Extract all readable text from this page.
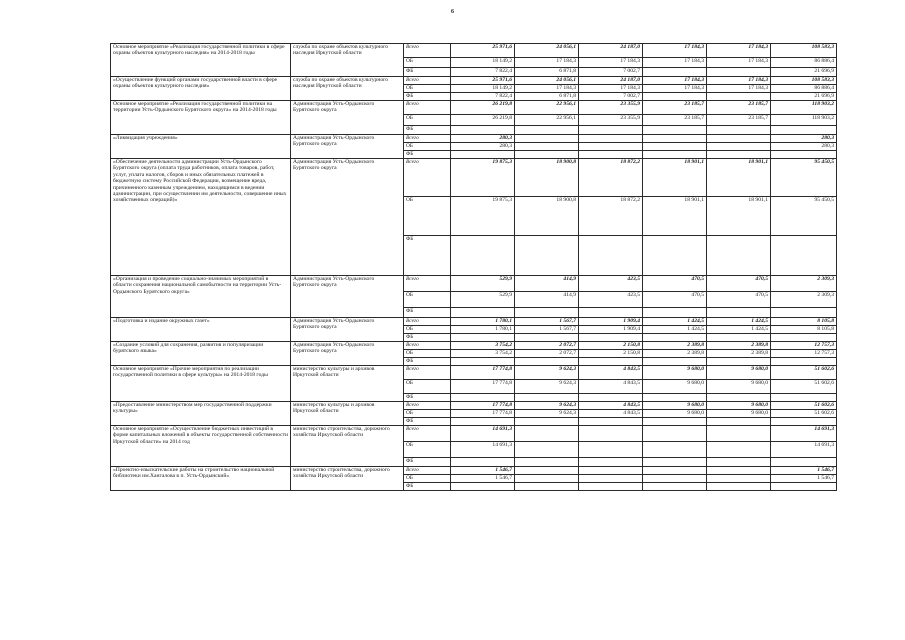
6
Основное мероприятие «Реализация государственной политики в сфере охраны объектов культурного наследия» на 2014-2018 годы	служба по охране объектов культурного наследия Иркутской области	Всего	25 971,6	24 056,1	24 187,0	17 184,3	17 184,3	108 583,3
		ОБ	18 149,2	17 184,3	17 184,3	17 184,3	17 184,3	86 886,4
		ФБ	7 822,4	6 871,8	7 002,7			21 696,9
«Осуществление функций органами государственной власти в сфере охраны объектов культурного наследия»	служба по охране объектов культурного наследия Иркутской области	Всего	25 971,6	24 056,1	24 187,0	17 184,3	17 184,3	108 583,3
		ОБ	18 149,2	17 184,3	17 184,3	17 184,3	17 184,3	86 886,4
		ФБ	7 822,4	6 871,8	7 002,7			21 696,9
Основное мероприятие «Реализация государственной политики на территории Усть-Ордынского Бурятского округа» на 2014-2018 годы	Администрация Усть-Ордынского Бурятского округа	Всего	26 219,8	22 956,1	23 355,9	23 185,7	23 185,7	118 903,2
		ОБ	26 219,8	22 956,1	23 355,9	23 185,7	23 185,7	118 903,2
		ФБ						
«Ликвидация учреждения»	Администрация Усть-Ордынского Бурятского округа	Всего	280,3					280,3
		ОБ	280,3					280,3
		ФБ						
«Обеспечение деятельности администрации Усть-Ордынского Бурятского округа (оплата труда работников, оплата товаров, работ, услуг, уплата налогов, сборов и иных обязательных платежей в бюджетную систему Российской Федерации, возмещение вреда, причиненного казенным учреждением, находящимся в ведении администрации, при осуществлении им деятельности, совершение иных хозяйственных операций)»	Администрация Усть-Ордынского Бурятского округа	Всего	19 875,3	18 900,8	18 872,2	18 901,1	18 901,1	95 450,5
		ОБ	19 875,3	18 900,8	18 872,2	18 901,1	18 901,1	95 450,5
		ФБ						
«Организация и проведение социально-значимых мероприятий в области сохранения национальной самобытности на территории Усть-Ордынского Бурятского округа»	Администрация Усть-Ордынского Бурятского округа	Всего	529,9	414,9	423,5	470,5	470,5	2 309,3
		ОБ	529,9	414,9	423,5	470,5	470,5	2 309,3
		ФБ						
«Подготовка и издание окружных газет»	Администрация Усть-Ордынского Бурятского округа	Всего	1 780,1	1 567,7	1 909,4	1 424,5	1 424,5	8 105,8
		ОБ	1 780,1	1 567,7	1 909,4	1 424,5	1 424,5	8 105,8
		ФБ						
«Создание условий для сохранения, развития и популяризации бурятского языка»	Администрация Усть-Ордынского Бурятского округа	Всего	3 754,2	2 072,7	2 150,8	2 389,8	2 389,8	12 757,3
		ОБ	3 754,2	2 072,7	2 150,8	2 389,8	2 389,8	12 757,3
		ФБ						
Основное мероприятие «Прочие мероприятия по реализации государственной политики в сфере культуры» на 2014-2018 годы	министерство культуры и архивов Иркутской области	Всего	17 774,8	9 624,3	4 843,5	9 680,0	9 680,0	51 602,6
		ОБ	17 774,8	9 624,3	4 843,5	9 680,0	9 680,0	51 602,6
		ФБ						
«Предоставление министерством мер государственной поддержки культуры»	министерство культуры и архивов Иркутской области	Всего	17 774,8	9 624,3	4 843,5	9 680,0	9 680,0	51 602,6
		ОБ	17 774,8	9 624,3	4 843,5	9 680,0	9 680,0	51 602,6
		ФБ						
Основное мероприятие «Осуществление бюджетных инвестиций в форме капитальных вложений в объекты государственной собственности Иркутской области» на 2014 год	министерство строительства, дорожного хозяйства Иркутской области	Всего	14 691,3					14 691,3
		ОБ	14 691,3					14 691,3
		ФБ						
«Проектно-изыскательские работы на строительство национальной библиотеки им.Хангалова в п. Усть-Ордынский»	министерство строительства, дорожного хозяйства Иркутской области	Всего	1 546,7					1 546,7
		ОБ	1 546,7					1 546,7
		ФБ						
